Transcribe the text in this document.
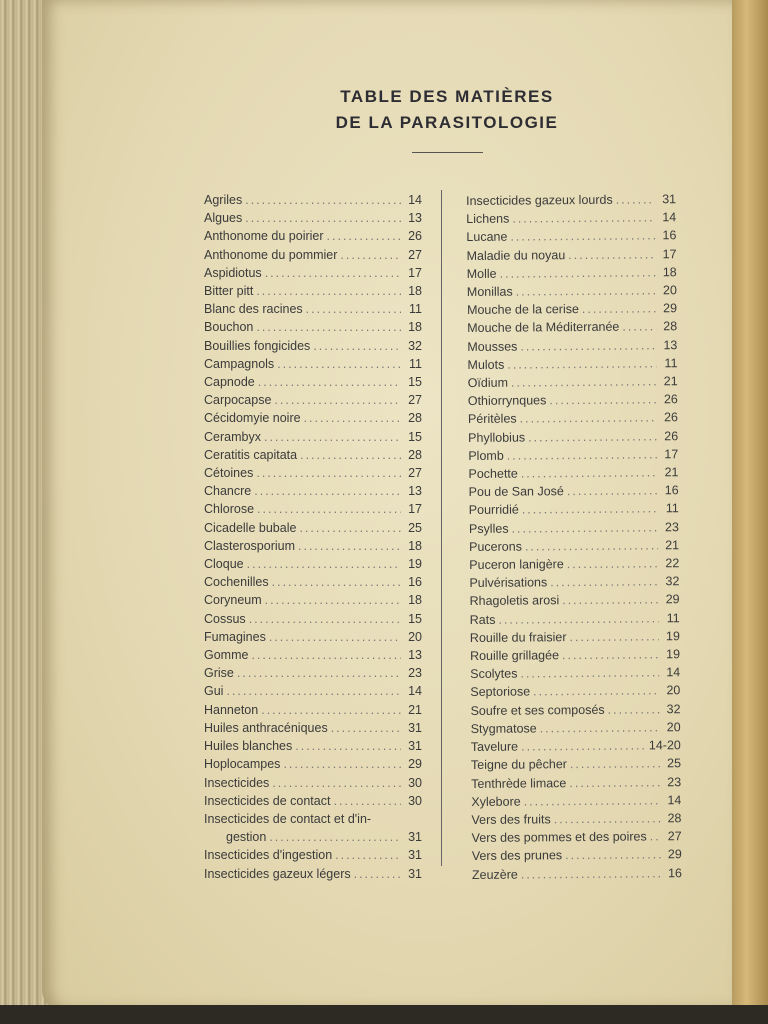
TABLE DES MATIÈRES
DE LA PARASITOLOGIE
Agriles .....	14
Algues .....	13
Anthonome du poirier .....	26
Anthonome du pommier .....	27
Aspidiotus .....	17
Bitter pitt .....	18
Blanc des racines .....	11
Bouchon .....	18
Bouillies fongicides .....	32
Campagnols .....	11
Capnode .....	15
Carpocapse .....	27
Cécidomyie noire .....	28
Cerambyx .....	15
Ceratitis capitata .....	28
Cétoines .....	27
Chancre .....	13
Chlorose .....	17
Cicadelle bubale .....	25
Clasterosporium .....	18
Cloque .....	19
Cochenilles .....	16
Coryneum .....	18
Cossus .....	15
Fumagines .....	20
Gomme .....	13
Grise .....	23
Gui .....	14
Hanneton .....	21
Huiles anthracéniques .....	31
Huiles blanches .....	31
Hoplocampes .....	29
Insecticides .....	30
Insecticides de contact .....	30
Insecticides de contact et d'in-
gestion .....	31
Insecticides d'ingestion .....	31
Insecticides gazeux légers .....	31
Insecticides gazeux lourds .....	31
Lichens .....	14
Lucane .....	16
Maladie du noyau .....	17
Molle .....	18
Monillas .....	20
Mouche de la cerise .....	29
Mouche de la Méditerranée .....	28
Mousses .....	13
Mulots .....	11
Oïdium .....	21
Othiorrynques .....	26
Péritèles .....	26
Phyllobius .....	26
Plomb .....	17
Pochette .....	21
Pou de San José .....	16
Pourridié .....	11
Psylles .....	23
Pucerons .....	21
Puceron lanigère .....	22
Pulvérisations .....	32
Rhagoletis arosi .....	29
Rats .....	11
Rouille du fraisier .....	19
Rouille grillagée .....	19
Scolytes .....	14
Septoriose .....	20
Soufre et ses composés .....	32
Stygmatose .....	20
Tavelure .....	14-20
Teigne du pêcher .....	25
Tenthrède limace .....	23
Xylebore .....	14
Vers des fruits .....	28
Vers des pommes et des poires .....	27
Vers des prunes .....	29
Zeuzère .....	16
